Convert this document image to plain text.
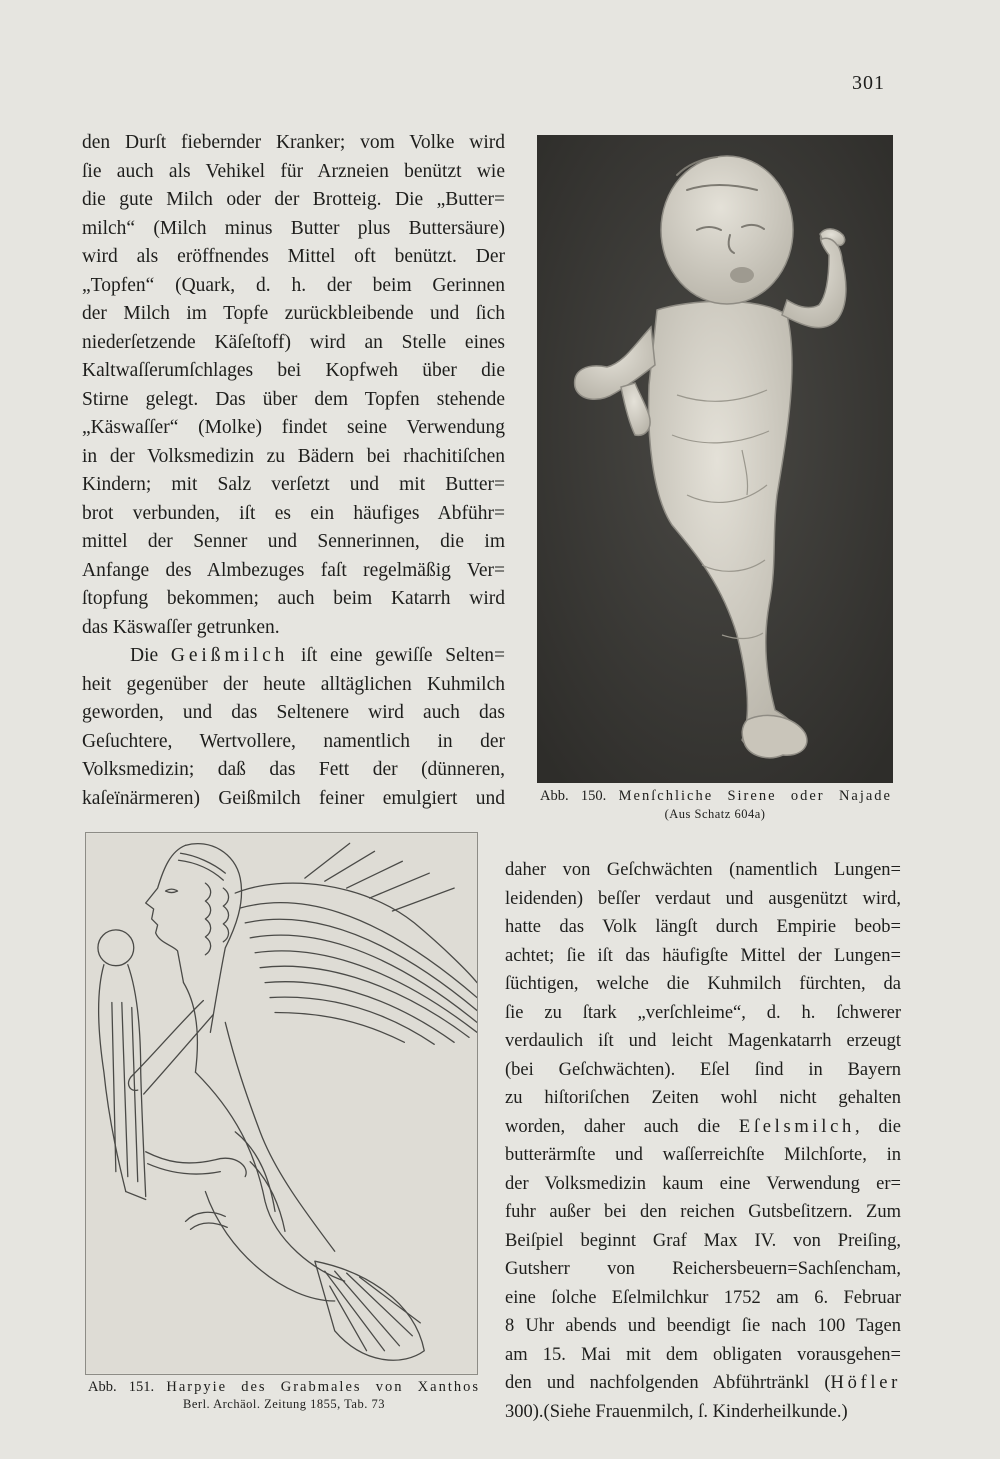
301
den Durſt fiebernder Kranker; vom Volke wird
ſie auch als Vehikel für Arzneien benützt wie
die gute Milch oder der Brotteig. Die „Butter=
milch“ (Milch minus Butter plus Buttersäure)
wird als eröffnendes Mittel oft benützt. Der
„Topfen“ (Quark, d. h. der beim Gerinnen
der Milch im Topfe zurückbleibende und ſich
niederſetzende Käſeſtoff) wird an Stelle eines
Kaltwaſſerumſchlages bei Kopfweh über die
Stirne gelegt. Das über dem Topfen stehende
„Käswaſſer“ (Molke) findet seine Verwendung
in der Volksmedizin zu Bädern bei rhachitiſchen
Kindern; mit Salz verſetzt und mit Butter=
brot verbunden, iſt es ein häufiges Abführ=
mittel der Senner und Sennerinnen, die im
Anfange des Almbezuges faſt regelmäßig Ver=
ſtopfung bekommen; auch beim Katarrh wird
das Käswaſſer getrunken.
Die Geißmilch iſt eine gewiſſe Selten=
heit gegenüber der heute alltäglichen Kuhmilch
geworden, und das Seltenere wird auch das
Geſuchtere, Wertvollere, namentlich in der
Volksmedizin; daß das Fett der (dünneren,
kaſeïnärmeren) Geißmilch feiner emulgiert und
daher von Geſchwächten (namentlich Lungen=
leidenden) beſſer verdaut und ausgenützt wird,
hatte das Volk längſt durch Empirie beob=
achtet; ſie iſt das häufigſte Mittel der Lungen=
ſüchtigen, welche die Kuhmilch fürchten, da
ſie zu ſtark „verſchleime“, d. h. ſchwerer
verdaulich iſt und leicht Magenkatarrh erzeugt
(bei Geſchwächten). Eſel ſind in Bayern
zu hiſtoriſchen Zeiten wohl nicht gehalten
worden, daher auch die Eſelsmilch, die
butterärmſte und waſſerreichſte Milchſorte, in
der Volksmedizin kaum eine Verwendung er=
fuhr außer bei den reichen Gutsbeſitzern. Zum
Beiſpiel beginnt Graf Max IV. von Preiſing,
Gutsherr von Reichersbeuern=Sachſencham,
eine ſolche Eſelmilchkur 1752 am 6. Februar
8 Uhr abends und beendigt ſie nach 100 Tagen
am 15. Mai mit dem obligaten vorausgehen=
den und nachfolgenden Abführtränkl (Höfler
300).(Siehe Frauenmilch, ſ. Kinderheilkunde.)
Abb. 150. Menſchliche Sirene oder Najade
(Aus Schatz 604a)
Abb. 151. Harpyie des Grabmales von Xanthos
Berl. Archäol. Zeitung 1855, Tab. 73
